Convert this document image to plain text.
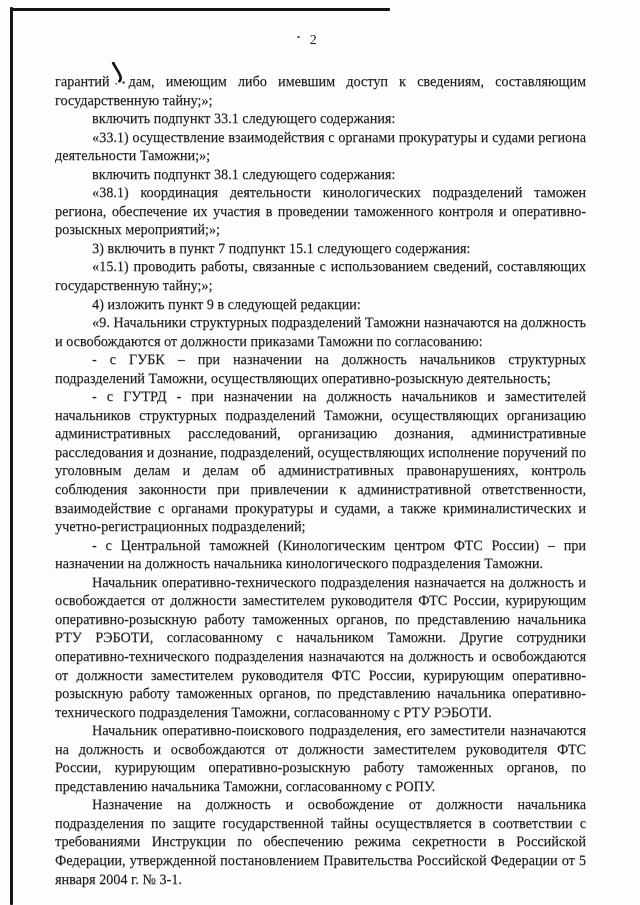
2

гарантий дам, имеющим либо имевшим доступ к сведениям, составляющим государственную тайну;»;

включить подпункт 33.1 следующего содержания:

«33.1) осуществление взаимодействия с органами прокуратуры и судами региона деятельности Таможни;»;

включить подпункт 38.1 следующего содержания:

«38.1) координация деятельности кинологических подразделений таможен региона, обеспечение их участия в проведении таможенного контроля и оперативно-розыскных мероприятий;»;

3) включить в пункт 7 подпункт 15.1 следующего содержания:

«15.1) проводить работы, связанные с использованием сведений, составляющих государственную тайну;»;

4) изложить пункт 9 в следующей редакции:

«9. Начальники структурных подразделений Таможни назначаются на должность и освобождаются от должности приказами Таможни по согласованию:

- с ГУБК – при назначении на должность начальников структурных подразделений Таможни, осуществляющих оперативно-розыскную деятельность;

- с ГУТРД - при назначении на должность начальников и заместителей начальников структурных подразделений Таможни, осуществляющих организацию административных расследований, организацию дознания, административные расследования и дознание, подразделений, осуществляющих исполнение поручений по уголовным делам и делам об административных правонарушениях, контроль соблюдения законности при привлечении к административной ответственности, взаимодействие с органами прокуратуры и судами, а также криминалистических и учетно-регистрационных подразделений;

- с Центральной таможней (Кинологическим центром ФТС России) – при назначении на должность начальника кинологического подразделения Таможни.

Начальник оперативно-технического подразделения назначается на должность и освобождается от должности заместителем руководителя ФТС России, курирующим оперативно-розыскную работу таможенных органов, по представлению начальника РТУ РЭБОТИ, согласованному с начальником Таможни. Другие сотрудники оперативно-технического подразделения назначаются на должность и освобождаются от должности заместителем руководителя ФТС России, курирующим оперативно-розыскную работу таможенных органов, по представлению начальника оперативно-технического подразделения Таможни, согласованному с РТУ РЭБОТИ.

Начальник оперативно-поискового подразделения, его заместители назначаются на должность и освобождаются от должности заместителем руководителя ФТС России, курирующим оперативно-розыскную работу таможенных органов, по представлению начальника Таможни, согласованному с РОПУ.

Назначение на должность и освобождение от должности начальника подразделения по защите государственной тайны осуществляется в соответствии с требованиями Инструкции по обеспечению режима секретности в Российской Федерации, утвержденной постановлением Правительства Российской Федерации от 5 января 2004 г. № 3-1.
